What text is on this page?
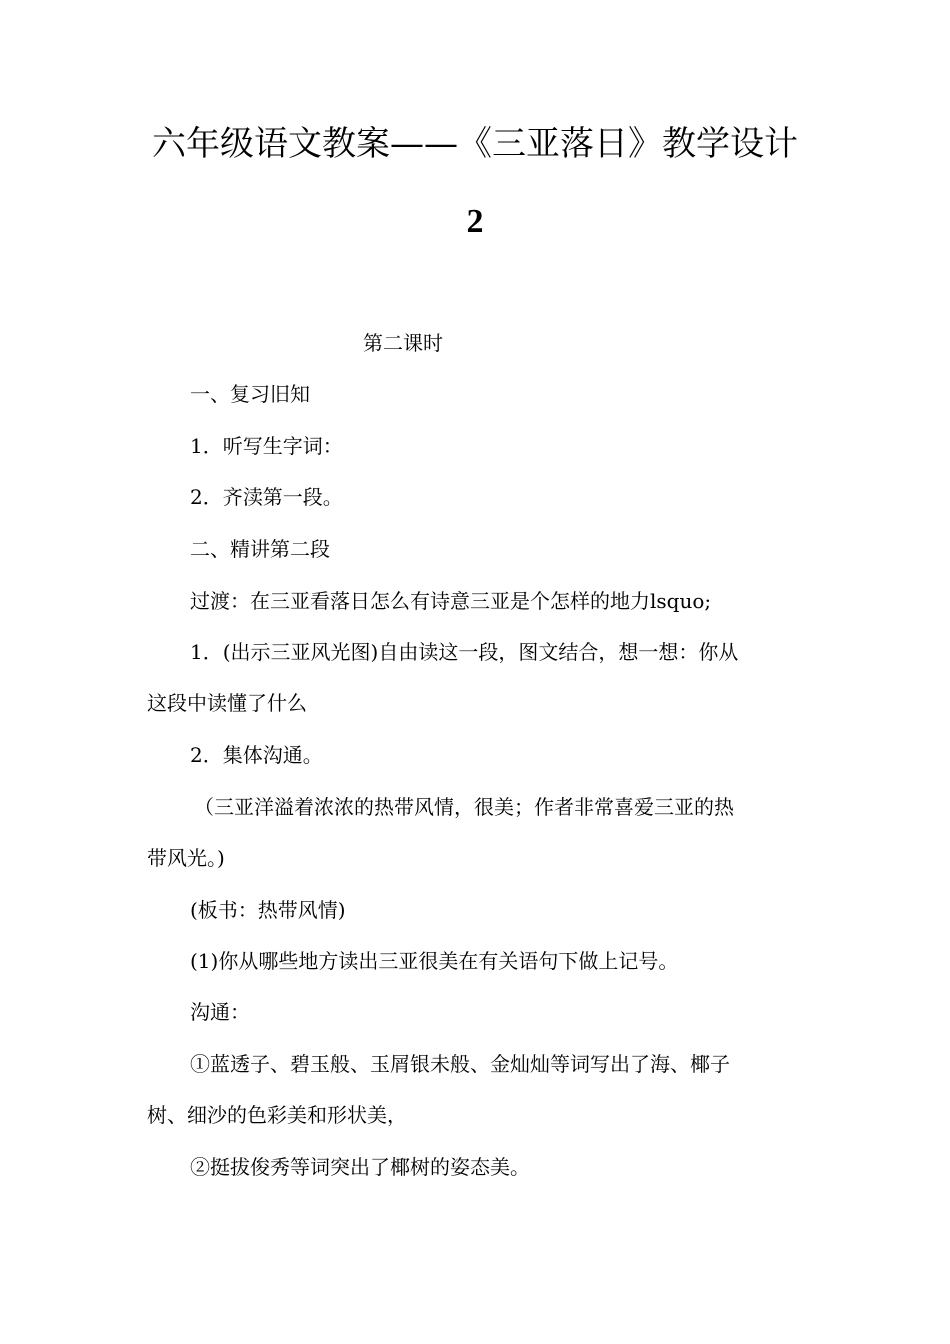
六年级语文教案——《三亚落日》教学设计
2
第二课时
一、复习旧知
1．听写生字词：
2．齐渎第一段。
二、精讲第二段
过渡：在三亚看落日怎么有诗意三亚是个怎样的地力lsquo;
1．(出示三亚风光图)自由读这一段，图文结合，想一想：你从
这段中读懂了什么
2．集体沟通。
（三亚洋溢着浓浓的热带风情，很美；作者非常喜爱三亚的热
带风光。)
(板书：热带风情)
(1)你从哪些地方读出三亚很美在有关语句下做上记号。
沟通：
①蓝透子、碧玉般、玉屑银未般、金灿灿等词写出了海、椰子
树、细沙的色彩美和形状美，
②挺拔俊秀等词突出了椰树的姿态美。
